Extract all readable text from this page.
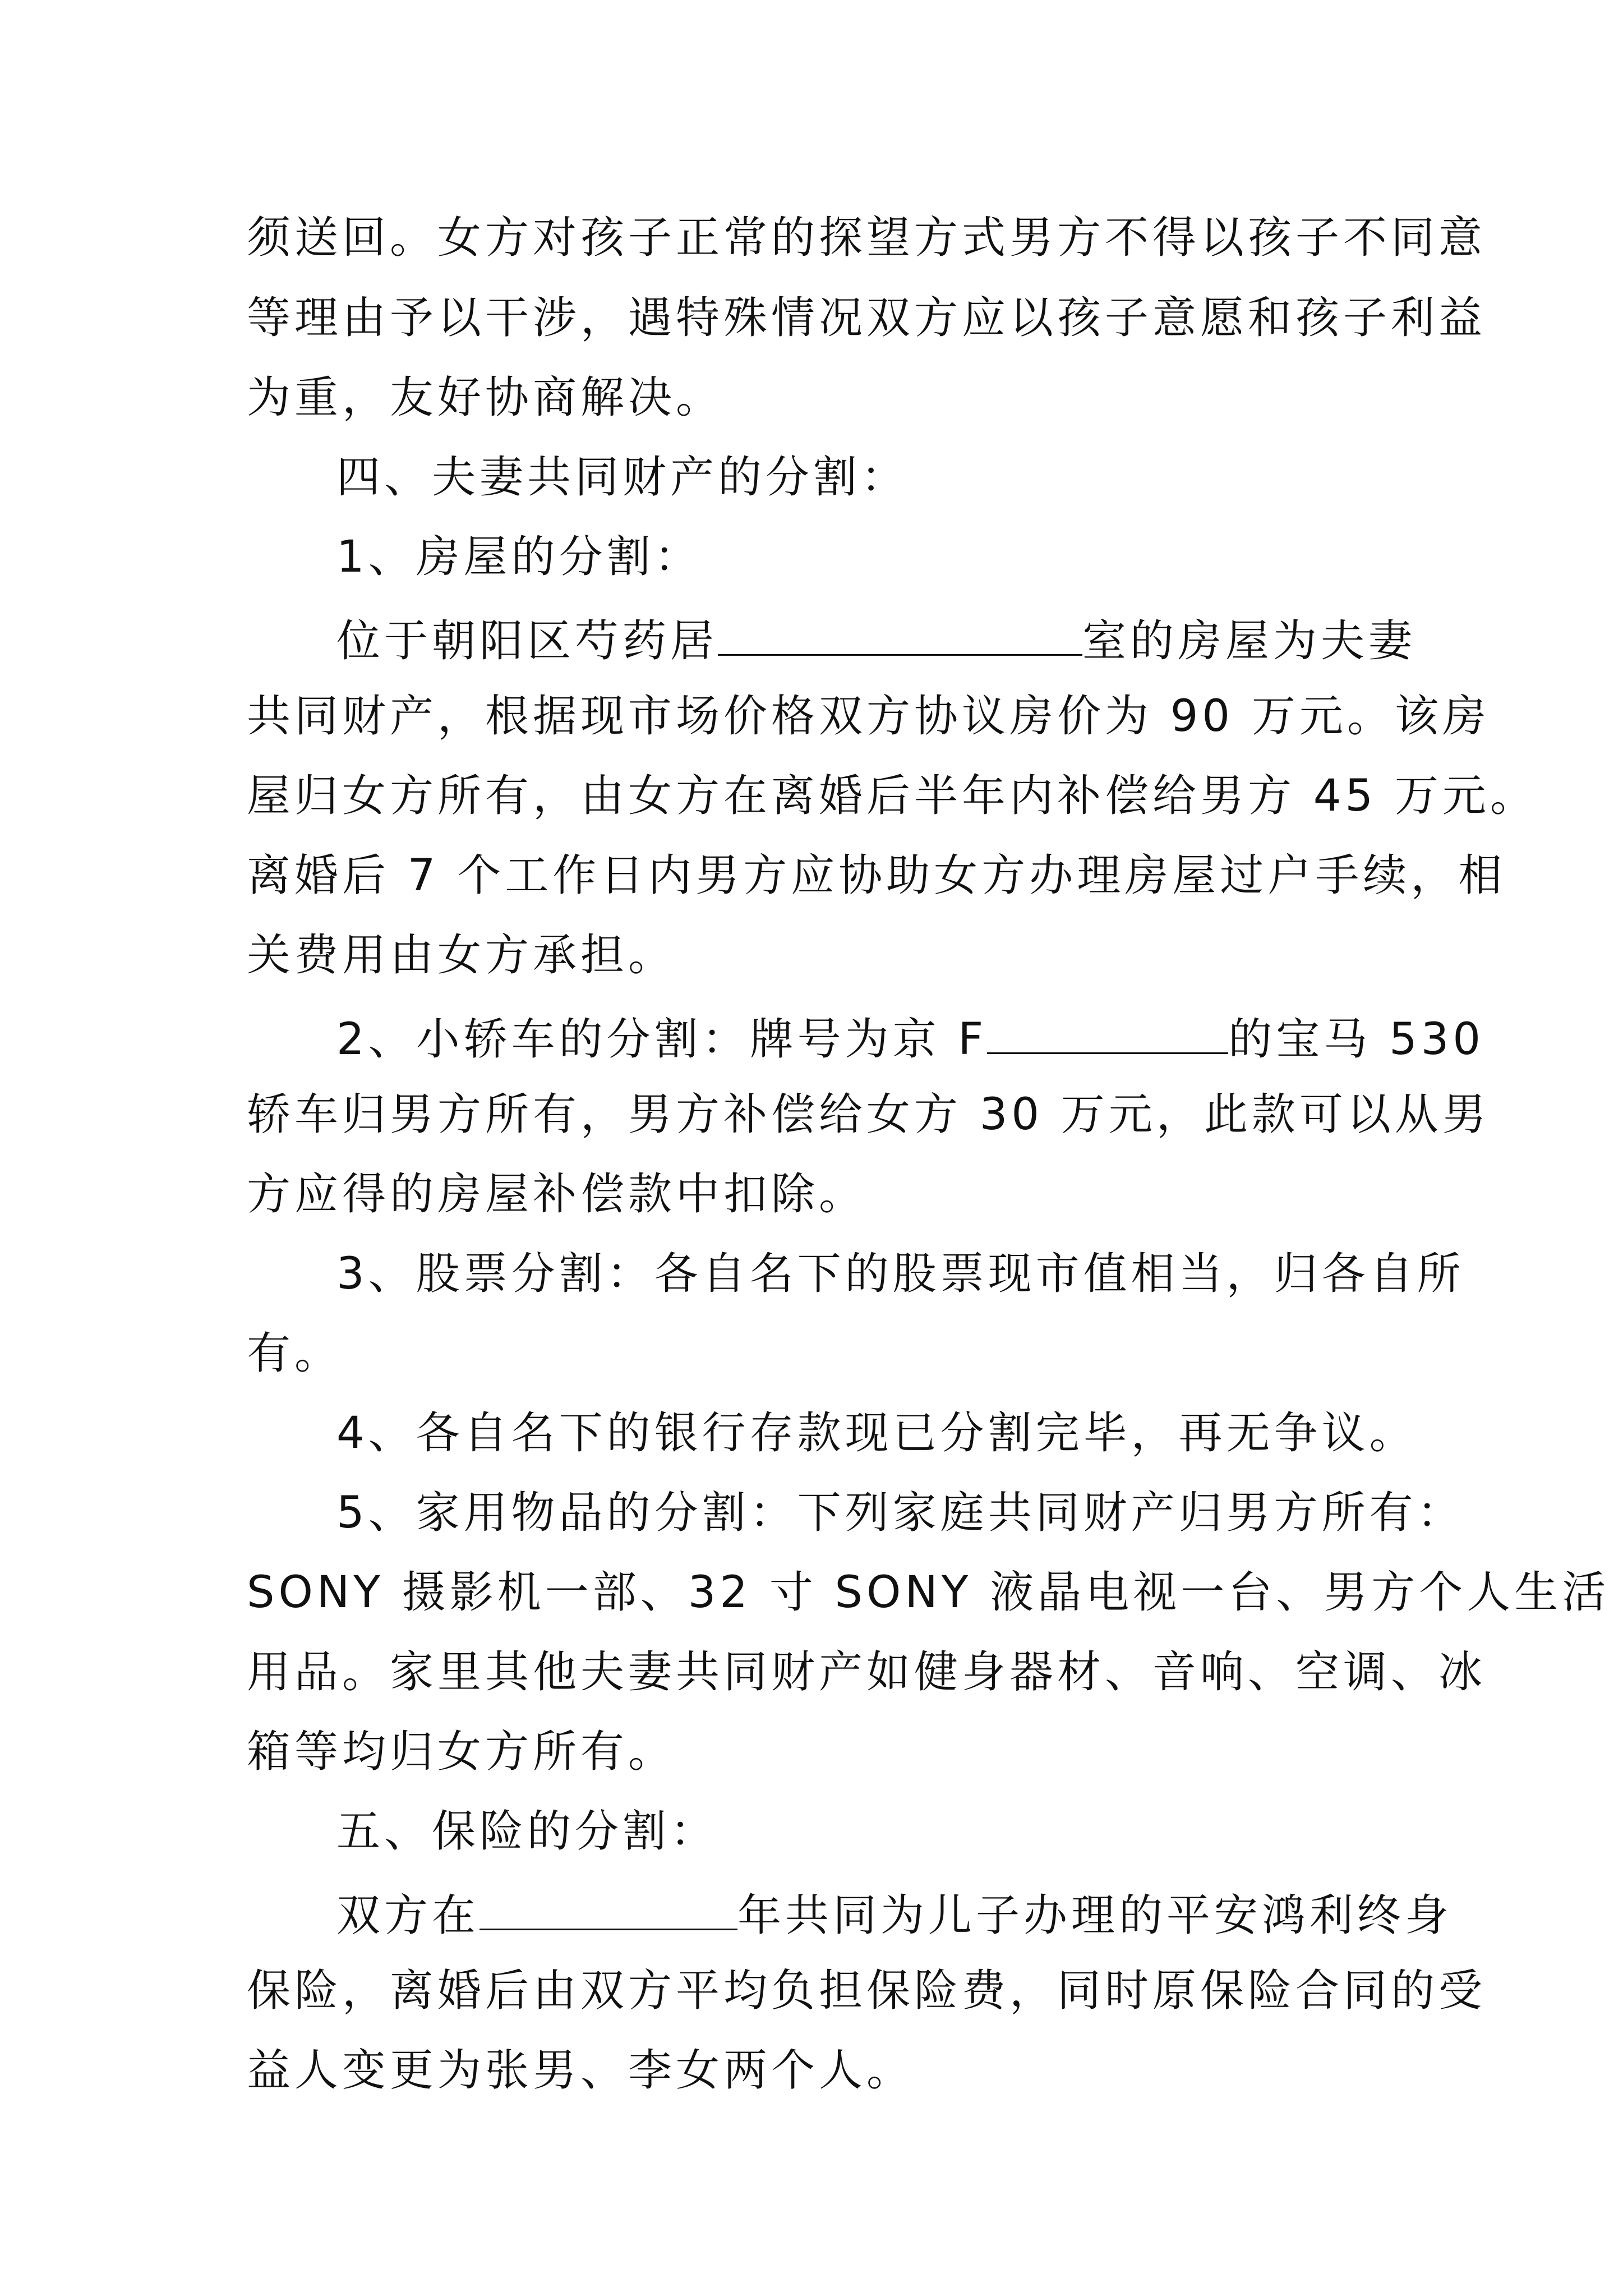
须送回。女方对孩子正常的探望方式男方不得以孩子不同意
等理由予以干涉，遇特殊情况双方应以孩子意愿和孩子利益
为重，友好协商解决。
四、夫妻共同财产的分割：
1、房屋的分割：
位于朝阳区芍药居	室的房屋为夫妻
共同财产，根据现市场价格双方协议房价为 90 万元。该房
屋归女方所有，由女方在离婚后半年内补偿给男方 45 万元。
离婚后 7 个工作日内男方应协助女方办理房屋过户手续，相
关费用由女方承担。
2、小轿车的分割：牌号为京 F	的宝马 530
轿车归男方所有，男方补偿给女方 30 万元，此款可以从男
方应得的房屋补偿款中扣除。
3、股票分割：各自名下的股票现市值相当，归各自所
有。
4、各自名下的银行存款现已分割完毕，再无争议。
5、家用物品的分割：下列家庭共同财产归男方所有：
SONY 摄影机一部、32 寸 SONY 液晶电视一台、男方个人生活
用品。家里其他夫妻共同财产如健身器材、音响、空调、冰
箱等均归女方所有。
五、保险的分割：
双方在	年共同为儿子办理的平安鸿利终身
保险，离婚后由双方平均负担保险费，同时原保险合同的受
益人变更为张男、李女两个人。
